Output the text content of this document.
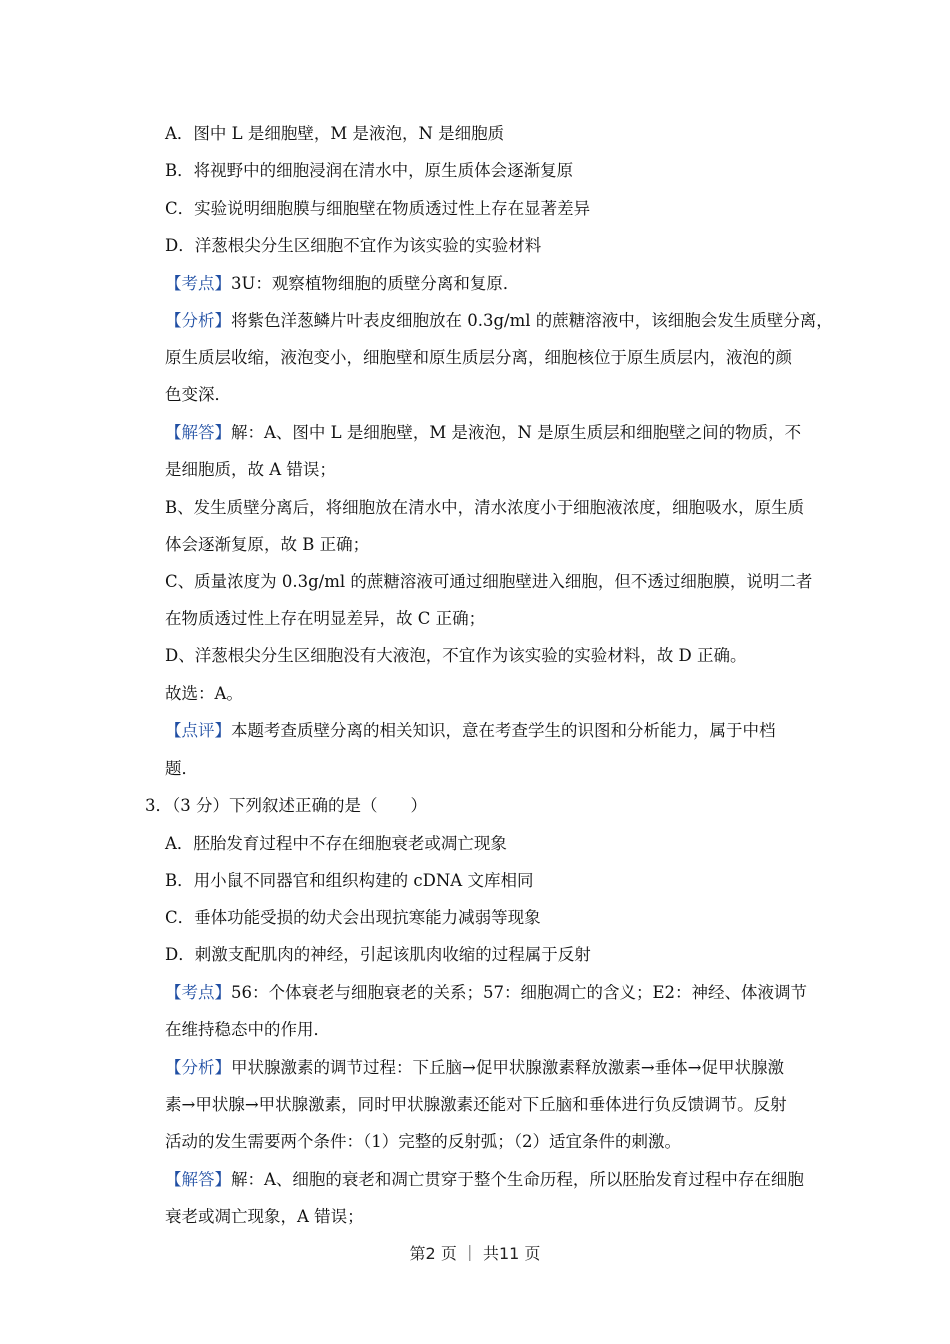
A．图中 L 是细胞壁，M 是液泡，N 是细胞质
B．将视野中的细胞浸润在清水中，原生质体会逐渐复原
C．实验说明细胞膜与细胞壁在物质透过性上存在显著差异
D．洋葱根尖分生区细胞不宜作为该实验的实验材料
【考点】3U：观察植物细胞的质壁分离和复原．
【分析】将紫色洋葱鳞片叶表皮细胞放在 0.3g/ml 的蔗糖溶液中，该细胞会发生质壁分离，
原生质层收缩，液泡变小，细胞壁和原生质层分离，细胞核位于原生质层内，液泡的颜
色变深．
【解答】解：A、图中 L 是细胞壁，M 是液泡，N 是原生质层和细胞壁之间的物质，不
是细胞质，故 A 错误；
B、发生质壁分离后，将细胞放在清水中，清水浓度小于细胞液浓度，细胞吸水，原生质
体会逐渐复原，故 B 正确；
C、质量浓度为 0.3g/ml 的蔗糖溶液可通过细胞壁进入细胞，但不透过细胞膜，说明二者
在物质透过性上存在明显差异，故 C 正确；
D、洋葱根尖分生区细胞没有大液泡，不宜作为该实验的实验材料，故 D 正确。
故选：A。
【点评】本题考查质壁分离的相关知识，意在考查学生的识图和分析能力，属于中档
题．
3．（3 分）下列叙述正确的是（　　）
A．胚胎发育过程中不存在细胞衰老或凋亡现象
B．用小鼠不同器官和组织构建的 cDNA 文库相同
C．垂体功能受损的幼犬会出现抗寒能力减弱等现象
D．刺激支配肌肉的神经，引起该肌肉收缩的过程属于反射
【考点】56：个体衰老与细胞衰老的关系；57：细胞凋亡的含义；E2：神经、体液调节
在维持稳态中的作用．
【分析】甲状腺激素的调节过程：下丘脑→促甲状腺激素释放激素→垂体→促甲状腺激
素→甲状腺→甲状腺激素，同时甲状腺激素还能对下丘脑和垂体进行负反馈调节。反射
活动的发生需要两个条件：（1）完整的反射弧；（2）适宜条件的刺激。
【解答】解：A、细胞的衰老和凋亡贯穿于整个生命历程，所以胚胎发育过程中存在细胞
衰老或凋亡现象，A 错误；
第2 页 ｜ 共11 页
